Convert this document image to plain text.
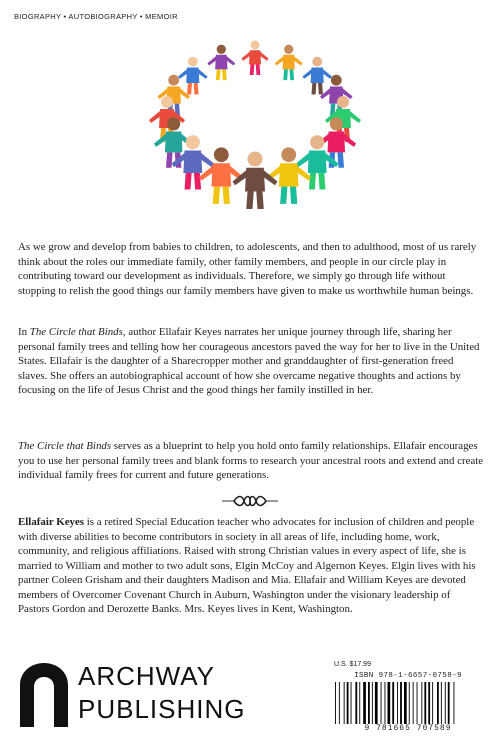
BIOGRAPHY • AUTOBIOGRAPHY • MEMOIR

As we grow and develop from babies to children, to adolescents, and then to adulthood, most of us rarely think about the roles our immediate family, other family members, and people in our circle play in contributing toward our development as individuals. Therefore, we simply go through life without stopping to relish the good things our family members have given to make us worthwhile human beings.

In The Circle that Binds, author Ellafair Keyes narrates her unique journey through life, sharing her personal family trees and telling how her courageous ancestors paved the way for her to live in the United States. Ellafair is the daughter of a Sharecropper mother and granddaughter of first-generation freed slaves. She offers an autobiographical account of how she overcame negative thoughts and actions by focusing on the life of Jesus Christ and the good things her family instilled in her.

The Circle that Binds serves as a blueprint to help you hold onto family relationships. Ellafair encourages you to use her personal family trees and blank forms to research your ancestral roots and extend and create individual family frees for current and future generations.

Ellafair Keyes is a retired Special Education teacher who advocates for inclusion of children and people with diverse abilities to become contributors in society in all areas of life, including home, work, community, and religious affiliations. Raised with strong Christian values in every aspect of life, she is married to William and mother to two adult sons, Elgin McCoy and Algernon Keyes. Elgin lives with his partner Coleen Grisham and their daughters Madison and Mia. Ellafair and William Keyes are devoted members of Overcomer Covenant Church in Auburn, Washington under the visionary leadership of Pastors Gordon and Derozette Banks. Mrs. Keyes lives in Kent, Washington.

ARCHWAY
PUBLISHING
U.S. $17.99
ISBN 978-1-6657-0758-9
9 781665 707589
